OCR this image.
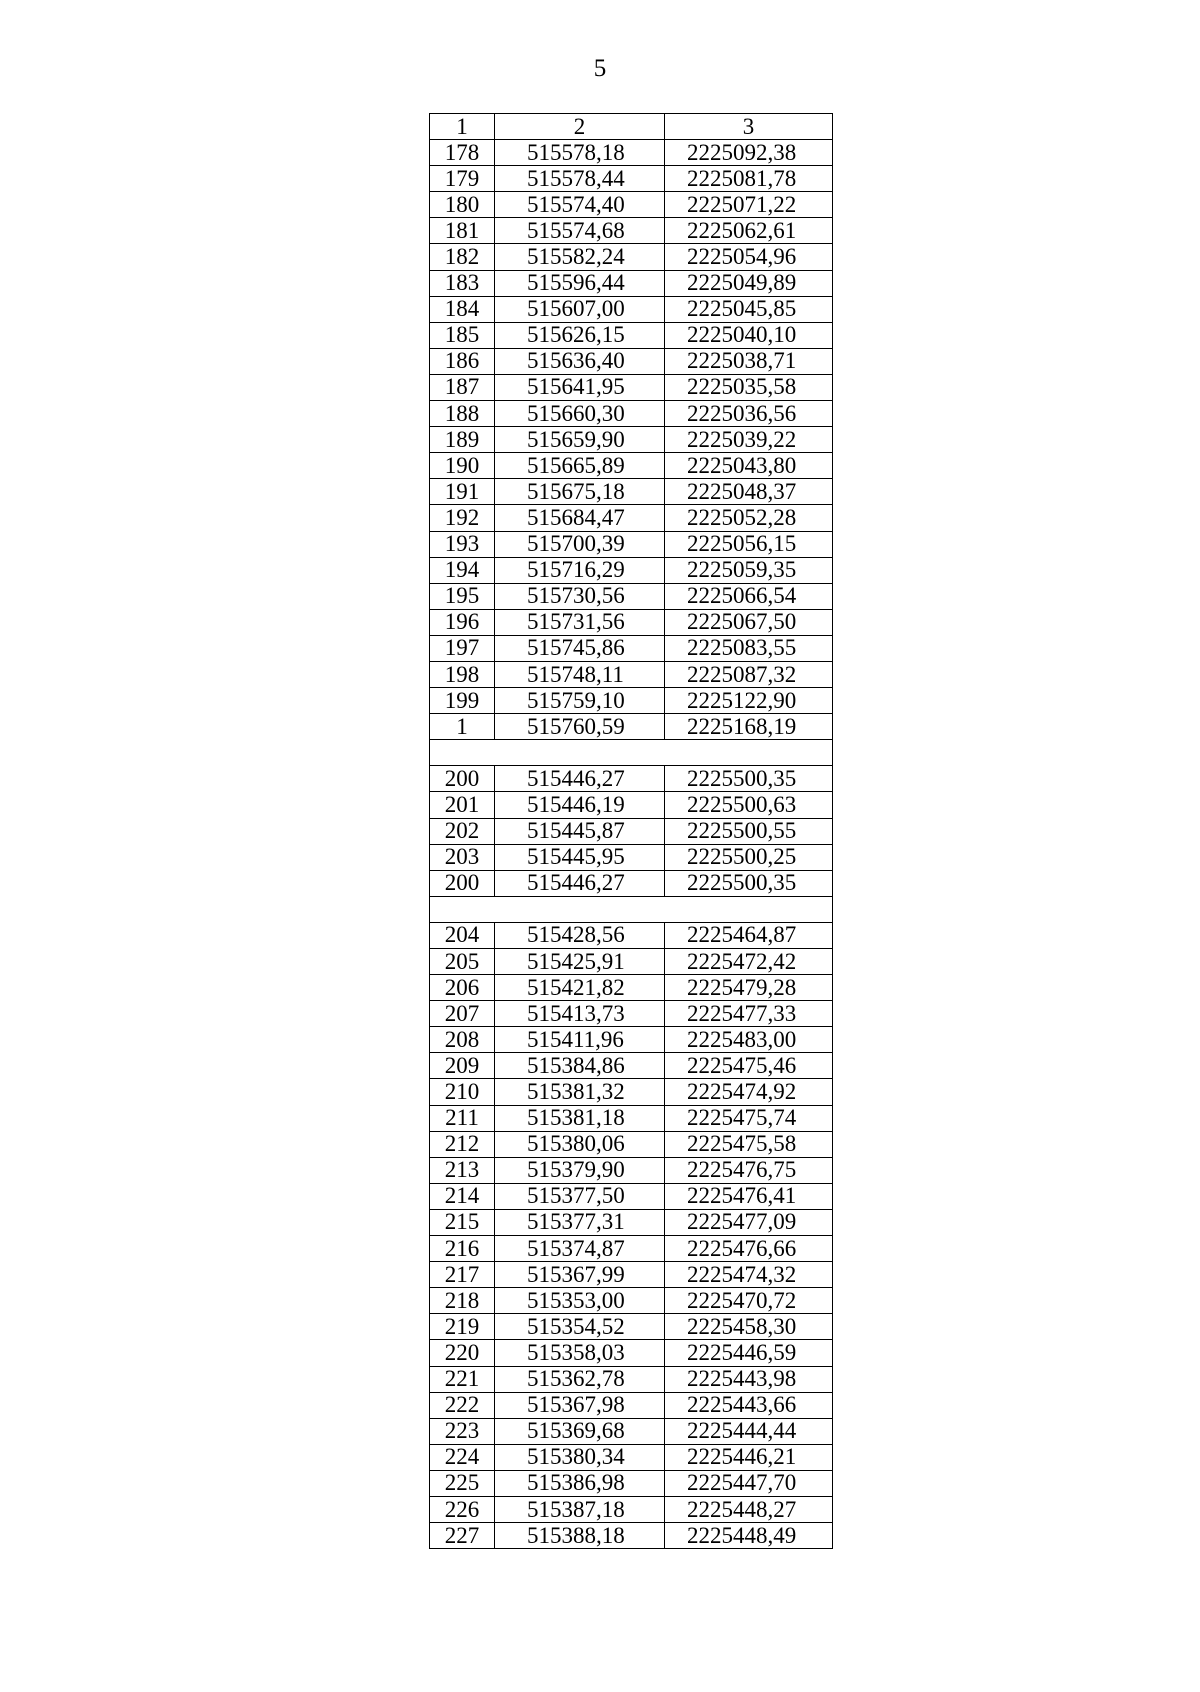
5
1	2	3
178	515578,18	2225092,38
179	515578,44	2225081,78
180	515574,40	2225071,22
181	515574,68	2225062,61
182	515582,24	2225054,96
183	515596,44	2225049,89
184	515607,00	2225045,85
185	515626,15	2225040,10
186	515636,40	2225038,71
187	515641,95	2225035,58
188	515660,30	2225036,56
189	515659,90	2225039,22
190	515665,89	2225043,80
191	515675,18	2225048,37
192	515684,47	2225052,28
193	515700,39	2225056,15
194	515716,29	2225059,35
195	515730,56	2225066,54
196	515731,56	2225067,50
197	515745,86	2225083,55
198	515748,11	2225087,32
199	515759,10	2225122,90
1	515760,59	2225168,19

200	515446,27	2225500,35
201	515446,19	2225500,63
202	515445,87	2225500,55
203	515445,95	2225500,25
200	515446,27	2225500,35

204	515428,56	2225464,87
205	515425,91	2225472,42
206	515421,82	2225479,28
207	515413,73	2225477,33
208	515411,96	2225483,00
209	515384,86	2225475,46
210	515381,32	2225474,92
211	515381,18	2225475,74
212	515380,06	2225475,58
213	515379,90	2225476,75
214	515377,50	2225476,41
215	515377,31	2225477,09
216	515374,87	2225476,66
217	515367,99	2225474,32
218	515353,00	2225470,72
219	515354,52	2225458,30
220	515358,03	2225446,59
221	515362,78	2225443,98
222	515367,98	2225443,66
223	515369,68	2225444,44
224	515380,34	2225446,21
225	515386,98	2225447,70
226	515387,18	2225448,27
227	515388,18	2225448,49
